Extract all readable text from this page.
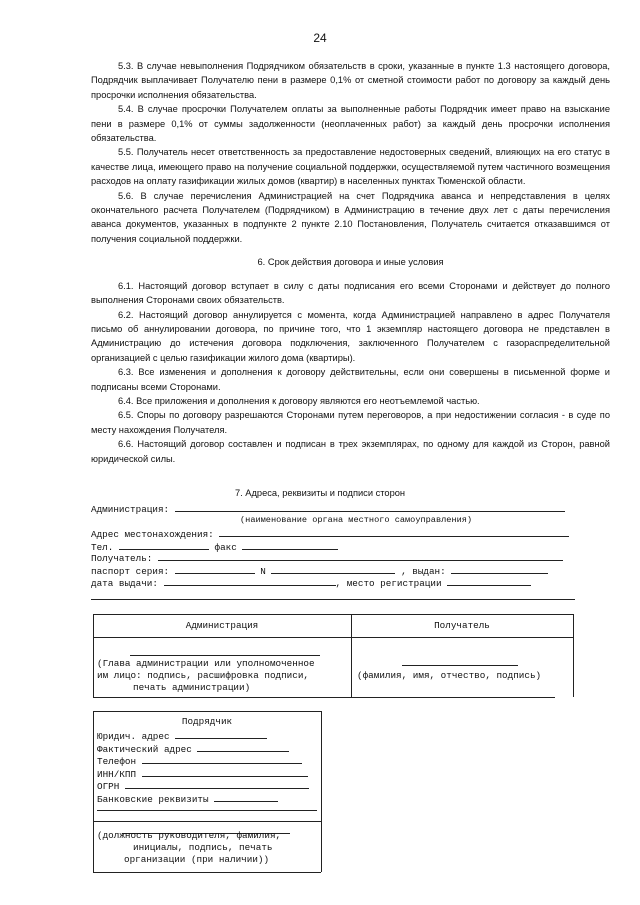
24

5.3. В случае невыполнения Подрядчиком обязательств в сроки, указанные в пункте 1.3 настоящего договора, Подрядчик выплачивает Получателю пени в размере 0,1% от сметной стоимости работ по договору за каждый день просрочки исполнения обязательства.

5.4. В случае просрочки Получателем оплаты за выполненные работы Подрядчик имеет право на взыскание пени в размере 0,1% от суммы задолженности (неоплаченных работ) за каждый день просрочки исполнения обязательства.

5.5. Получатель несет ответственность за предоставление недостоверных сведений, влияющих на его статус в качестве лица, имеющего право на получение социальной поддержки, осуществляемой путем частичного возмещения расходов на оплату газификации жилых домов (квартир) в населенных пунктах Тюменской области.

5.6. В случае перечисления Администрацией на счет Подрядчика аванса и непредставления в целях окончательного расчета Получателем (Подрядчиком) в Администрацию в течение двух лет с даты перечисления аванса документов, указанных в подпункте 2 пункте 2.10 Постановления, Получатель считается отказавшимся от получения социальной поддержки.

6. Срок действия договора и иные условия

6.1. Настоящий договор вступает в силу с даты подписания его всеми Сторонами и действует до полного выполнения Сторонами своих обязательств.

6.2. Настоящий договор аннулируется с момента, когда Администрацией направлено в адрес Получателя письмо об аннулировании договора, по причине того, что 1 экземпляр настоящего договора не представлен в Администрацию до истечения договора подключения, заключенного Получателем с газораспределительной организацией с целью газификации жилого дома (квартиры).

6.3. Все изменения и дополнения к договору действительны, если они совершены в письменной форме и подписаны всеми Сторонами.

6.4. Все приложения и дополнения к договору являются его неотъемлемой частью.

6.5. Споры по договору разрешаются Сторонами путем переговоров, а при недостижении согласия - в суде по месту нахождения Получателя.

6.6. Настоящий договор составлен и подписан в трех экземплярах, по одному для каждой из Сторон, равной юридической силы.

7. Адреса, реквизиты и подписи сторон
Администрация:
(наименование органа местного самоуправления)
Адрес местонахождения:
Тел.	факс
Получатель:
паспорт серия:	N	, выдан:
дата выдачи:	, место регистрации
Администрация	Получатель
(Глава администрации или уполномоченное
им лицо: подпись, расшифровка подписи,
печать администрации)
(фамилия, имя, отчество, подпись)
Подрядчик
Юридич. адрес
Фактический адрес
Телефон
ИНН/КПП
ОГРН
Банковские реквизиты
(должность руководителя, фамилия,
инициалы, подпись, печать
организации (при наличии))
